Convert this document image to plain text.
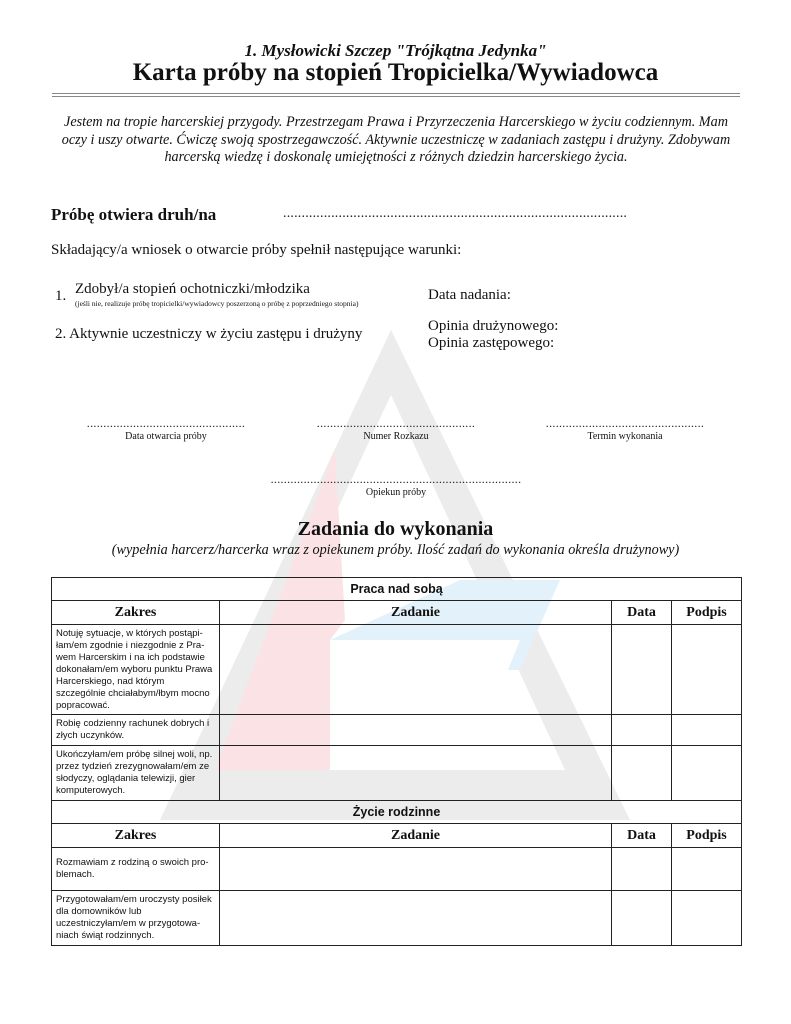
1. Mysłowicki Szczep "Trójkątna Jedynka"
Karta próby na stopień Tropicielka/Wywiadowca
Jestem na tropie harcerskiej przygody. Przestrzegam Prawa i Przyrzeczenia Harcerskiego w życiu codziennym. Mam oczy i uszy otwarte. Ćwiczę swoją spostrzegawczość. Aktywnie uczestniczę w zadaniach zastępu i drużyny. Zdobywam harcerską wiedzę i doskonalę umiejętności z różnych dziedzin harcerskiego życia.
Próbę otwiera druh/na	.............................................................................................
Składający/a wniosek o otwarcie próby spełnił następujące warunki:
1. Zdobył/a stopień ochotniczki/młodzika
(jeśli nie, realizuje próbę tropicielki/wywiadowcy poszerzoną o próbę z poprzedniego stopnia)
2. Aktywnie uczestniczy w życiu zastępu i drużyny
Data nadania:
Opinia drużynowego:
Opinia zastępowego:
................................................
Data otwarcia próby
................................................
Numer Rozkazu
................................................
Termin wykonania
............................................................................
Opiekun próby
Zadania do wykonania
(wypełnia harcerz/harcerka wraz z opiekunem próby. Ilość zadań do wykonania określa drużynowy)
Praca nad sobą			
Zakres	Zadanie	Data	Podpis
Notuję sytuacje, w których postąpi-łam/em zgodnie i niezgodnie z Pra-wem Harcerskim i na ich podstawie dokonałam/em wyboru punktu Prawa Harcerskiego, nad którym szczególnie chciałabym/łbym mocno popracować.			
Robię codzienny rachunek dobrych i złych uczynków.			
Ukończyłam/em próbę silnej woli, np. przez tydzień zrezygnowałam/em ze słodyczy, oglądania telewizji, gier komputerowych.			
Życie rodzinne			
Zakres	Zadanie	Data	Podpis
Rozmawiam z rodziną o swoich pro-blemach.			
Przygotowałam/em uroczysty posiłek dla domowników lub uczestniczyłam/em w przygotowa-niach świąt rodzinnych.			
